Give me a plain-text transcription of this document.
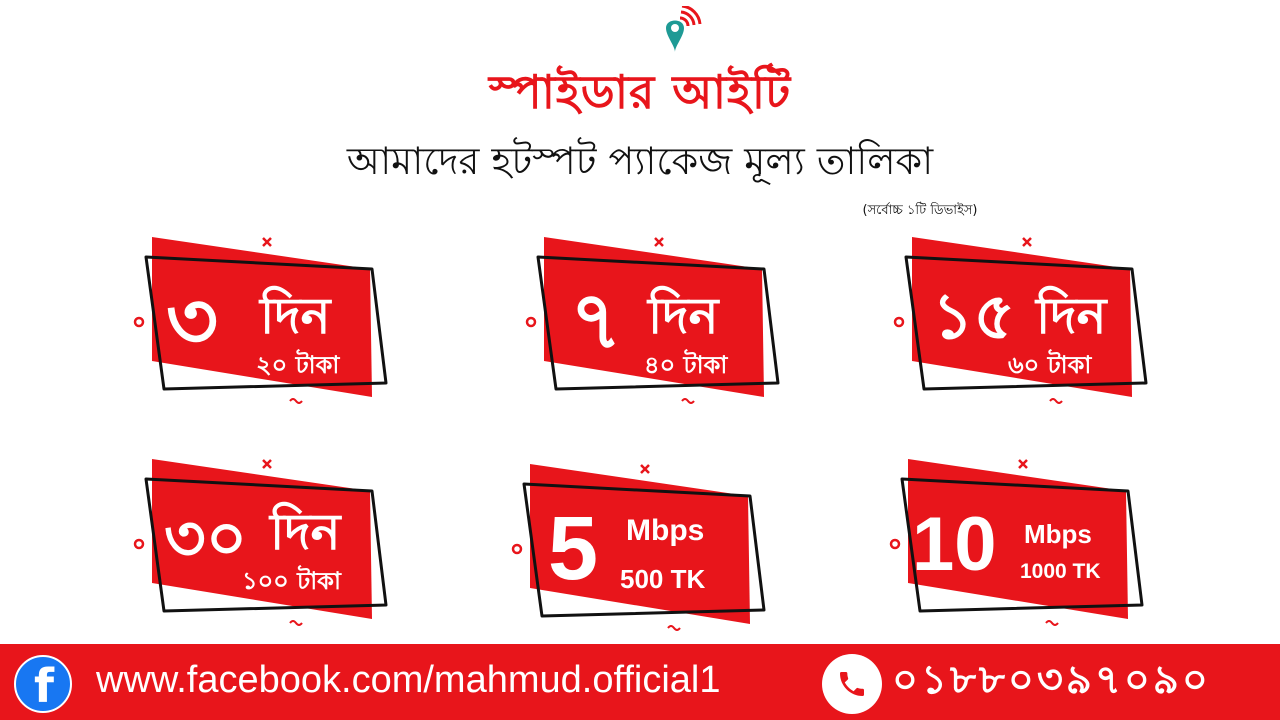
স্পাইডার আইটি
আমাদের হটস্পট প্যাকেজ মূল্য তালিকা
(সর্বোচ্চ ১টি ডিভাইস)
৩ দিন
২০ টাকা	৭ দিন
৪০ টাকা
১৫ দিন
৬০ টাকা
৩০ দিন
১০০ টাকা 5 Mbps
500 TK	10 Mbps
1000 TK
f www.facebook.com/mahmud.official1	০১৮৮০৩৯৭০৯০
